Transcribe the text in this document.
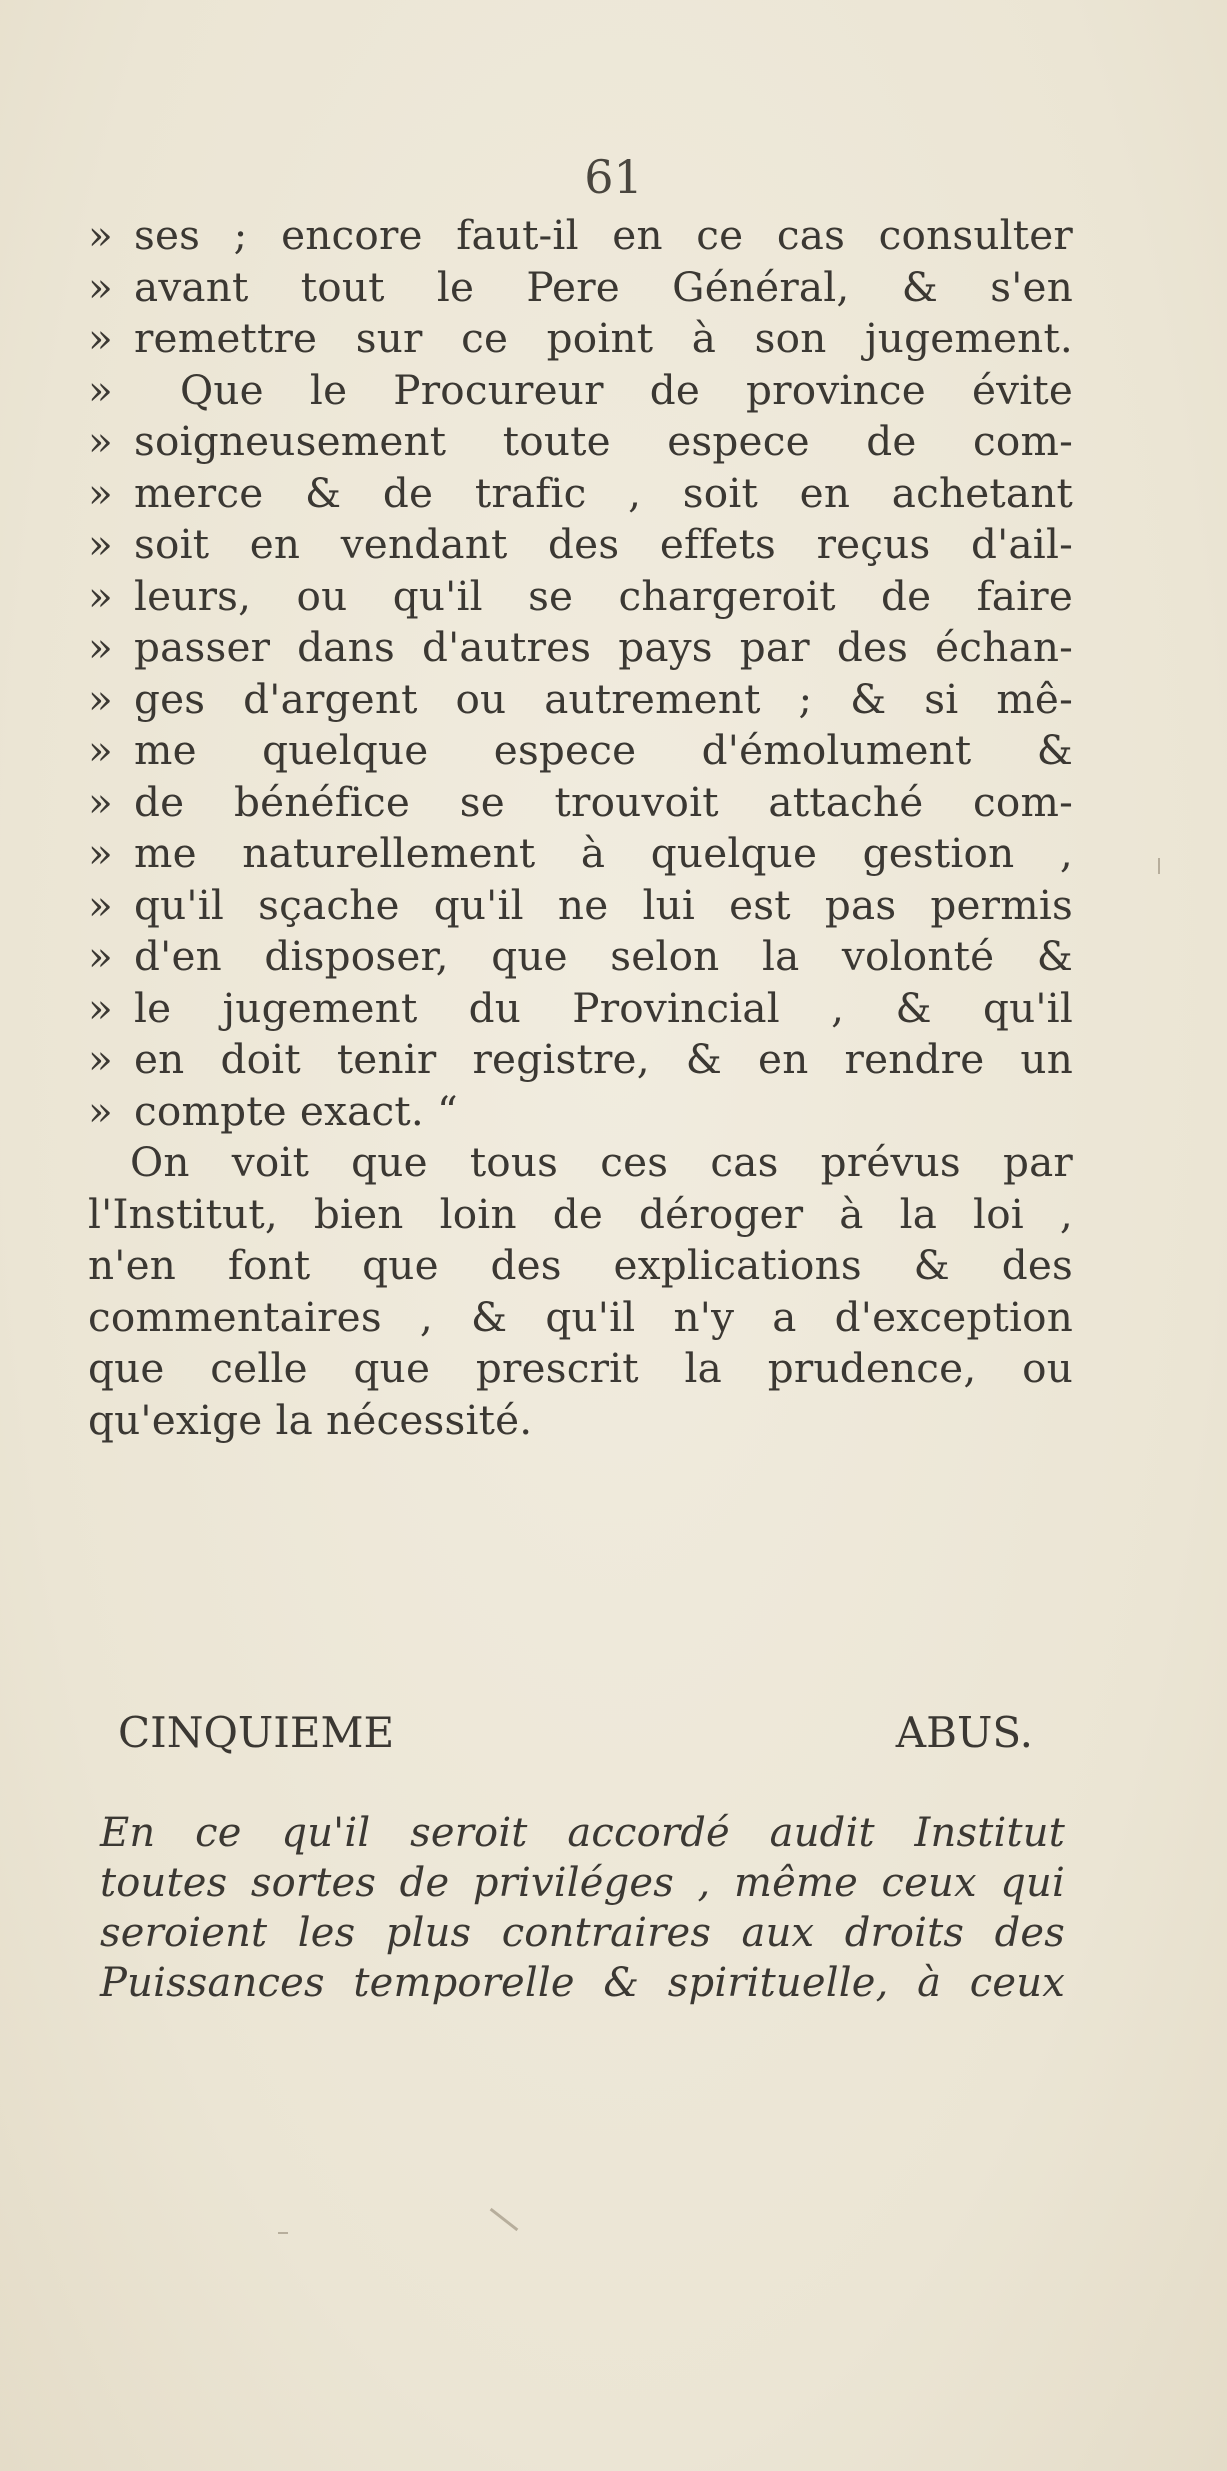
61
» ses ; encore faut-il en ce cas consulter
» avant tout le Pere Général, & s'en
» remettre sur ce point à son jugement.
» Que le Procureur de province évite
» soigneusement toute espece de com-
» merce & de trafic , soit en achetant
» soit en vendant des effets reçus d'ail-
» leurs, ou qu'il se chargeroit de faire
» passer dans d'autres pays par des échan-
» ges d'argent ou autrement ; & si mê-
» me quelque espece d'émolument &
» de bénéfice se trouvoit attaché com-
» me naturellement à quelque gestion ,
» qu'il sçache qu'il ne lui est pas permis
» d'en disposer, que selon la volonté &
» le jugement du Provincial , & qu'il
» en doit tenir registre, & en rendre un
» compte exact. “
On voit que tous ces cas prévus par
l'Institut, bien loin de déroger à la loi ,
n'en font que des explications & des
commentaires , & qu'il n'y a d'exception
que celle que prescrit la prudence, ou
qu'exige la nécessité.
CINQUIEME ABUS.
En ce qu'il seroit accordé audit Institut
toutes sortes de priviléges , même ceux qui
seroient les plus contraires aux droits des
Puissances temporelle & spirituelle, à ceux
